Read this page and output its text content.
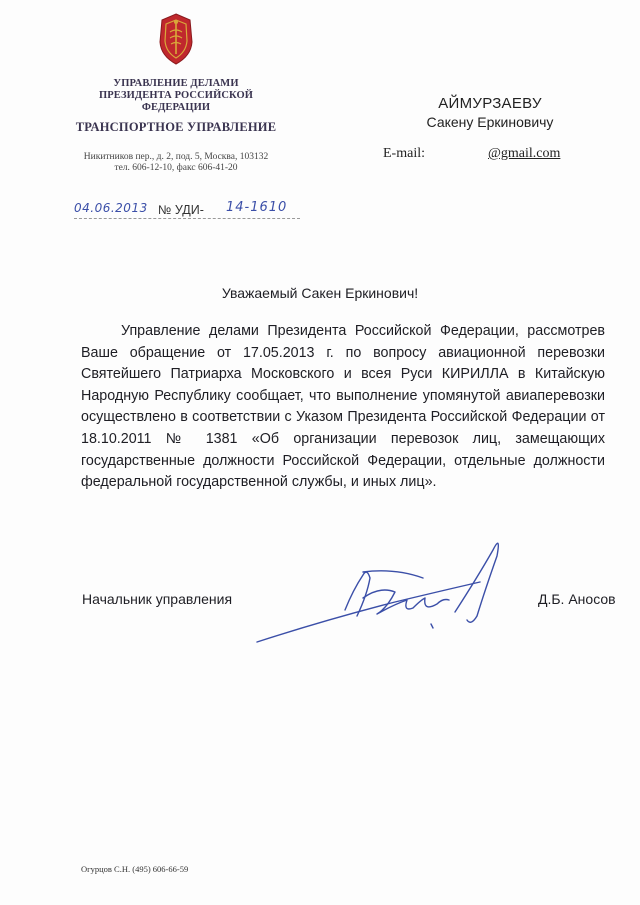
УПРАВЛЕНИЕ ДЕЛАМИ
ПРЕЗИДЕНТА РОССИЙСКОЙ ФЕДЕРАЦИИ
ТРАНСПОРТНОЕ УПРАВЛЕНИЕ
Никитников пер., д. 2, под. 5, Москва, 103132
тел. 606-12-10, факс 606-41-20
АЙМУРЗАЕВУ
Сакену Еркиновичу
E-mail:	@gmail.com
04.06.2013 № УДИ- 14-1610
Уважаемый Сакен Еркинович!

Управление делами Президента Российской Федерации, рассмотрев Ваше обращение от 17.05.2013 г. по вопросу авиационной перевозки Святейшего Патриарха Московского и всея Руси КИРИЛЛА в Китайскую Народную Республику сообщает, что выполнение упомянутой авиаперевозки осуществлено в соответствии с Указом Президента Российской Федерации от 18.10.2011 № 1381 «Об организации перевозок лиц, замещающих государственные должности Российской Федерации, отдельные должности федеральной государственной службы, и иных лиц».

Начальник управления	Д.Б. Аносов
Огурцов С.Н. (495) 606-66-59
